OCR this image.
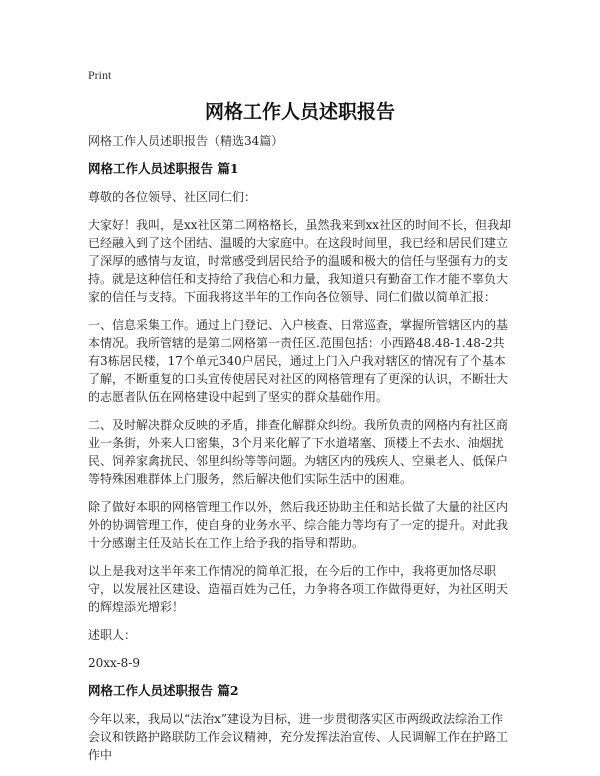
Print
网格工作人员述职报告

网格工作人员述职报告（精选34篇）

网格工作人员述职报告 篇1

尊敬的各位领导、社区同仁们：

大家好！我叫，是xx社区第二网格格长，虽然我来到xx社区的时间不长，但我却已经融入到了这个团结、温暖的大家庭中。在这段时间里，我已经和居民们建立了深厚的感情与友谊，时常感受到居民给予的温暖和极大的信任与坚强有力的支持。就是这种信任和支持给了我信心和力量，我知道只有勤奋工作才能不辜负大家的信任与支持。下面我将这半年的工作向各位领导、同仁们做以简单汇报：

一、信息采集工作。通过上门登记、入户核查、日常巡查，掌握所管辖区内的基本情况。我所管辖的是第二网格第一责任区.范围包括：小西路48.48-1.48-2共有3栋居民楼，17个单元340户居民，通过上门入户我对辖区的情况有了个基本了解，不断重复的口头宣传使居民对社区的网格管理有了更深的认识，不断壮大的志愿者队伍在网格建设中起到了坚实的群众基础作用。

二、及时解决群众反映的矛盾，排查化解群众纠纷。我所负责的网格内有社区商业一条街，外来人口密集，3个月来化解了下水道堵塞、顶楼上不去水、油烟扰民、饲养家禽扰民、邻里纠纷等等问题。为辖区内的残疾人、空巢老人、低保户等特殊困难群体上门服务，然后解决他们实际生活中的困难。

除了做好本职的网格管理工作以外，然后我还协助主任和站长做了大量的社区内外的协调管理工作，使自身的业务水平、综合能力等均有了一定的提升。对此我十分感谢主任及站长在工作上给予我的指导和帮助。

以上是我对这半年来工作情况的简单汇报，在今后的工作中，我将更加恪尽职守，以发展社区建设、造福百姓为己任，力争将各项工作做得更好，为社区明天的辉煌添光增彩！

述职人：

20xx-8-9

网格工作人员述职报告 篇2

今年以来，我局以“法治x”建设为目标，进一步贯彻落实区市两级政法综治工作会议和铁路护路联防工作会议精神，充分发挥法治宣传、人民调解工作在护路工作中
